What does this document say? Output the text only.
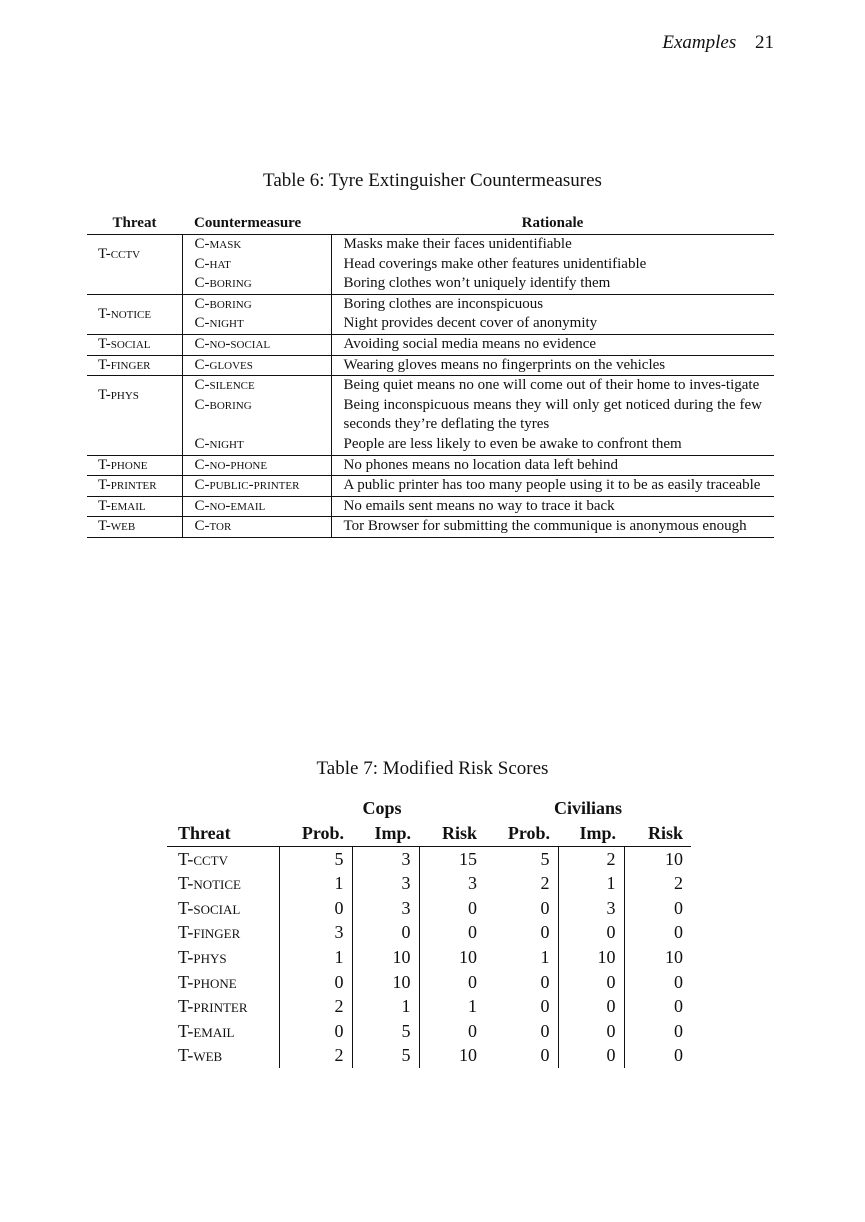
Examples 21
Table 6: Tyre Extinguisher Countermeasures
Threat	Countermeasure	Rationale
T-cctv	C-mask	Masks make their faces unidentifiable
	C-hat	Head coverings make other features unidentifiable
	C-boring	Boring clothes won’t uniquely identify them
T-notice	C-boring	Boring clothes are inconspicuous
	C-night	Night provides decent cover of anonymity
T-social	C-no-social	Avoiding social media means no evidence
T-finger	C-gloves	Wearing gloves means no fingerprints on the vehicles
T-phys	C-silence	Being quiet means no one will come out of their home to inves-tigate
	C-boring	Being inconspicuous means they will only get noticed during the few seconds they’re deflating the tyres
	C-night	People are less likely to even be awake to confront them
T-phone	C-no-phone	No phones means no location data left behind
T-printer	C-public-printer	A public printer has too many people using it to be as easily traceable
T-email	C-no-email	No emails sent means no way to trace it back
T-web	C-tor	Tor Browser for submitting the communique is anonymous enough
Table 7: Modified Risk Scores
	Cops			Civilians		
Threat	Prob.	Imp.	Risk	Prob.	Imp.	Risk
T-cctv	5	3	15	5	2	10
T-notice	1	3	3	2	1	2
T-social	0	3	0	0	3	0
T-finger	3	0	0	0	0	0
T-phys	1	10	10	1	10	10
T-phone	0	10	0	0	0	0
T-printer	2	1	1	0	0	0
T-email	0	5	0	0	0	0
T-web	2	5	10	0	0	0
